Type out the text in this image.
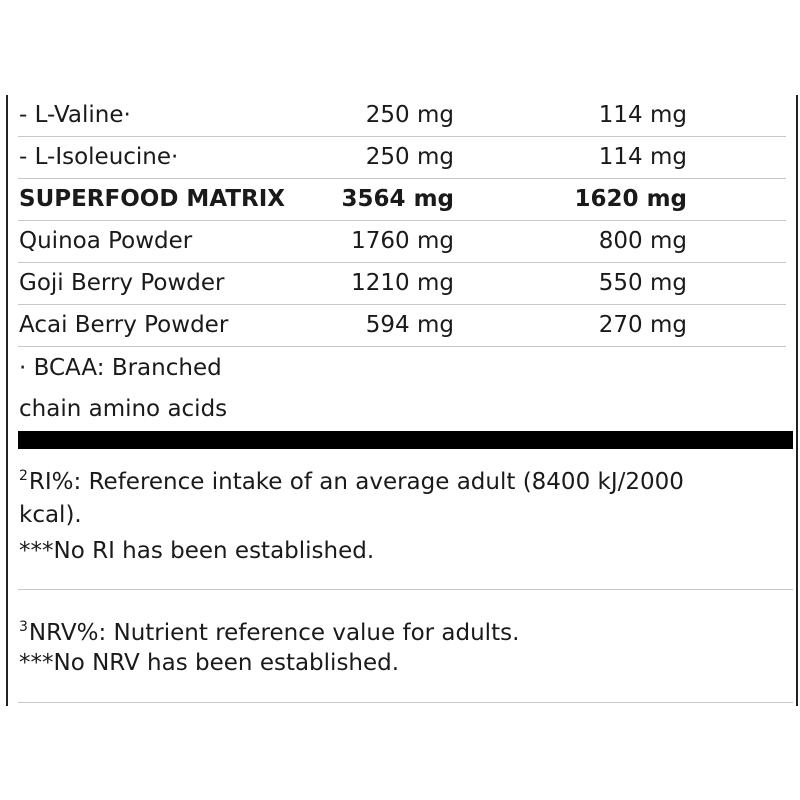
- L-Valine·	250 mg	114 mg
- L-Isoleucine·	250 mg	114 mg
SUPERFOOD MATRIX 3564 mg	1620 mg
Quinoa Powder	1760 mg	800 mg
Goji Berry Powder	1210 mg	550 mg
Acai Berry Powder	594 mg	270 mg
· BCAA: Branched
chain amino acids
$^2$RI%: Reference intake of an average adult (8400 kJ/2000
kcal).
***No RI has been established.
$^3$NRV%: Nutrient reference value for adults.
***No NRV has been established.
